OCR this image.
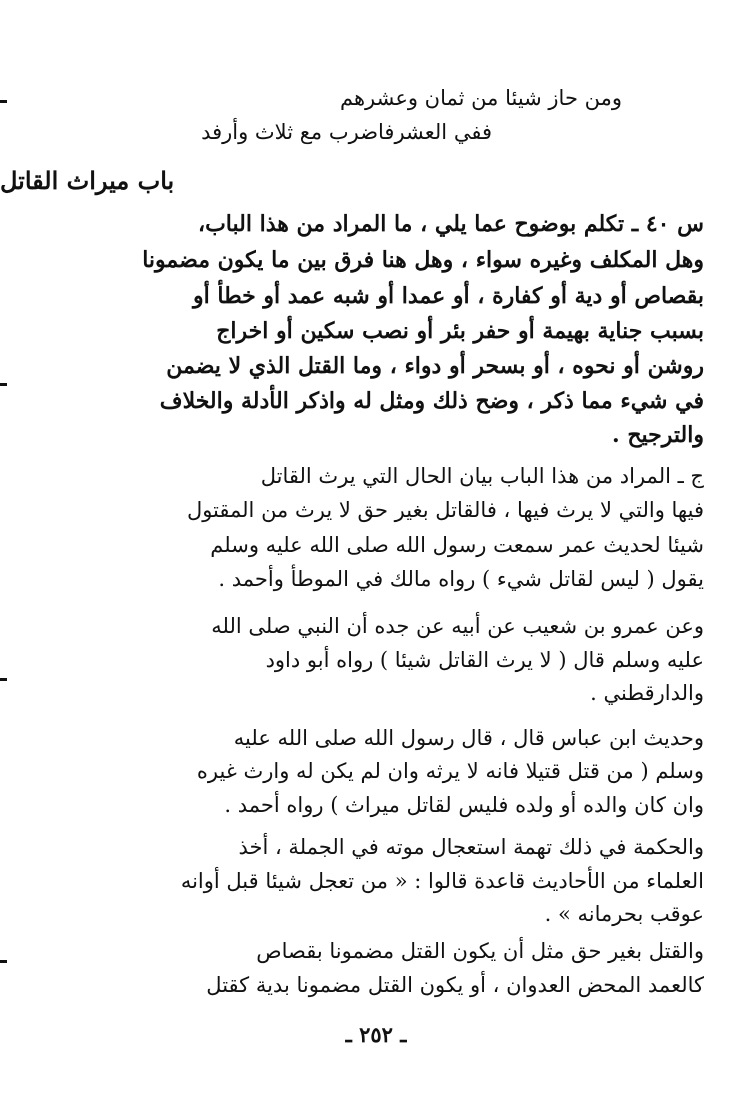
ومن حاز شيئا من ثمان وعشرهم
ففي العشرفاضرب مع ثلاث وأرفد
باب ميراث القاتل
س ٤٠ ـ تكلم بوضوح عما يلي ، ما المراد من هذا الباب،
وهل المكلف وغيره سواء ، وهل هنا فرق بين ما يكون مضمونا
بقصاص أو دية أو كفارة ، أو عمدا أو شبه عمد أو خطأ أو
بسبب جناية بهيمة أو حفر بئر أو نصب سكين أو اخراج
روشن أو نحوه ، أو بسحر أو دواء ، وما القتل الذي لا يضمن
في شيء مما ذكر ، وضح ذلك ومثل له واذكر الأدلة والخلاف
والترجيح .
ج ـ المراد من هذا الباب بيان الحال التي يرث القاتل
فيها والتي لا يرث فيها ، فالقاتل بغير حق لا يرث من المقتول
شيئا لحديث عمر سمعت رسول الله صلى الله عليه وسلم
يقول ( ليس لقاتل شيء ) رواه مالك في الموطأ وأحمد .
وعن عمرو بن شعيب عن أبيه عن جده أن النبي صلى الله
عليه وسلم قال ( لا يرث القاتل شيئا ) رواه أبو داود
والدارقطني .
وحديث ابن عباس قال ، قال رسول الله صلى الله عليه
وسلم ( من قتل قتيلا فانه لا يرثه وان لم يكن له وارث غيره
وان كان والده أو ولده فليس لقاتل ميراث ) رواه أحمد .
والحكمة في ذلك تهمة استعجال موته في الجملة ، أخذ
العلماء من الأحاديث قاعدة قالوا : « من تعجل شيئا قبل أوانه
عوقب بحرمانه » .
والقتل بغير حق مثل أن يكون القتل مضمونا بقصاص
كالعمد المحض العدوان ، أو يكون القتل مضمونا بدية كقتل
ـ ٢٥٢ ـ
